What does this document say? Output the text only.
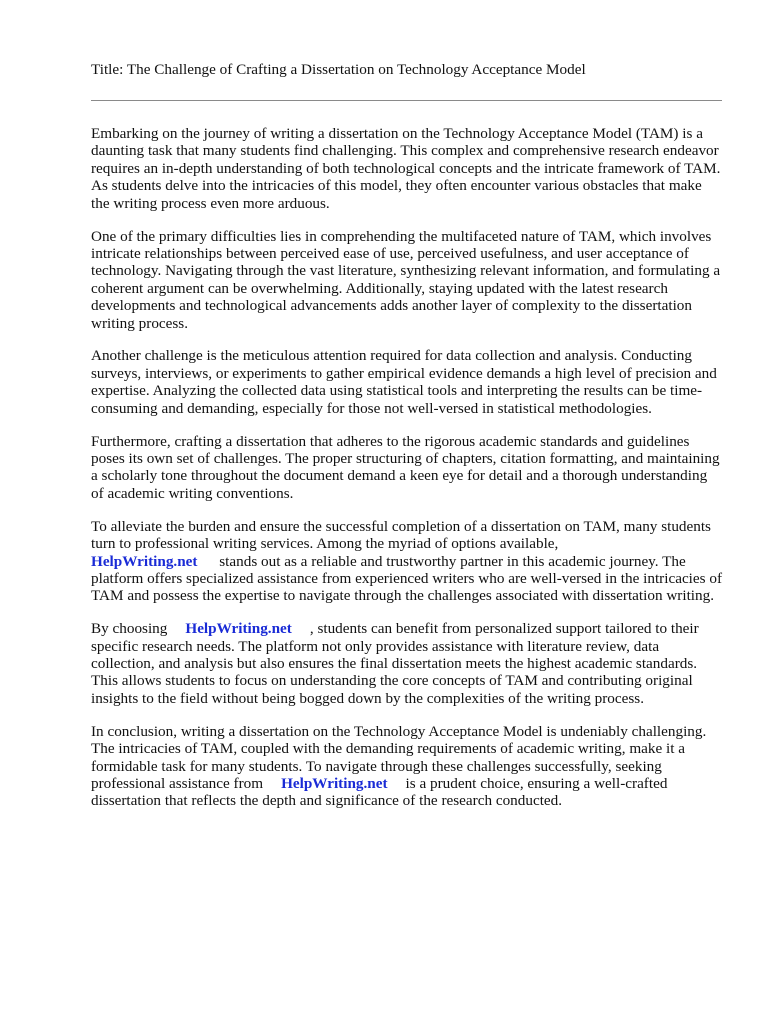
Title: The Challenge of Crafting a Dissertation on Technology Acceptance Model

Embarking on the journey of writing a dissertation on the Technology Acceptance Model (TAM) is a daunting task that many students find challenging. This complex and comprehensive research endeavor requires an in-depth understanding of both technological concepts and the intricate framework of TAM. As students delve into the intricacies of this model, they often encounter various obstacles that make the writing process even more arduous.

One of the primary difficulties lies in comprehending the multifaceted nature of TAM, which involves intricate relationships between perceived ease of use, perceived usefulness, and user acceptance of technology. Navigating through the vast literature, synthesizing relevant information, and formulating a coherent argument can be overwhelming. Additionally, staying updated with the latest research developments and technological advancements adds another layer of complexity to the dissertation writing process.

Another challenge is the meticulous attention required for data collection and analysis. Conducting surveys, interviews, or experiments to gather empirical evidence demands a high level of precision and expertise. Analyzing the collected data using statistical tools and interpreting the results can be time-consuming and demanding, especially for those not well-versed in statistical methodologies.

Furthermore, crafting a dissertation that adheres to the rigorous academic standards and guidelines poses its own set of challenges. The proper structuring of chapters, citation formatting, and maintaining a scholarly tone throughout the document demand a keen eye for detail and a thorough understanding of academic writing conventions.

To alleviate the burden and ensure the successful completion of a dissertation on TAM, many students turn to professional writing services. Among the myriad of options available,
HelpWriting.net stands out as a reliable and trustworthy partner in this academic journey. The platform offers specialized assistance from experienced writers who are well-versed in the intricacies of TAM and possess the expertise to navigate through the challenges associated with dissertation writing.

By choosing HelpWriting.net , students can benefit from personalized support tailored to their specific research needs. The platform not only provides assistance with literature review, data collection, and analysis but also ensures the final dissertation meets the highest academic standards. This allows students to focus on understanding the core concepts of TAM and contributing original insights to the field without being bogged down by the complexities of the writing process.

In conclusion, writing a dissertation on the Technology Acceptance Model is undeniably challenging. The intricacies of TAM, coupled with the demanding requirements of academic writing, make it a formidable task for many students. To navigate through these challenges successfully, seeking professional assistance from HelpWriting.net is a prudent choice, ensuring a well-crafted dissertation that reflects the depth and significance of the research conducted.
